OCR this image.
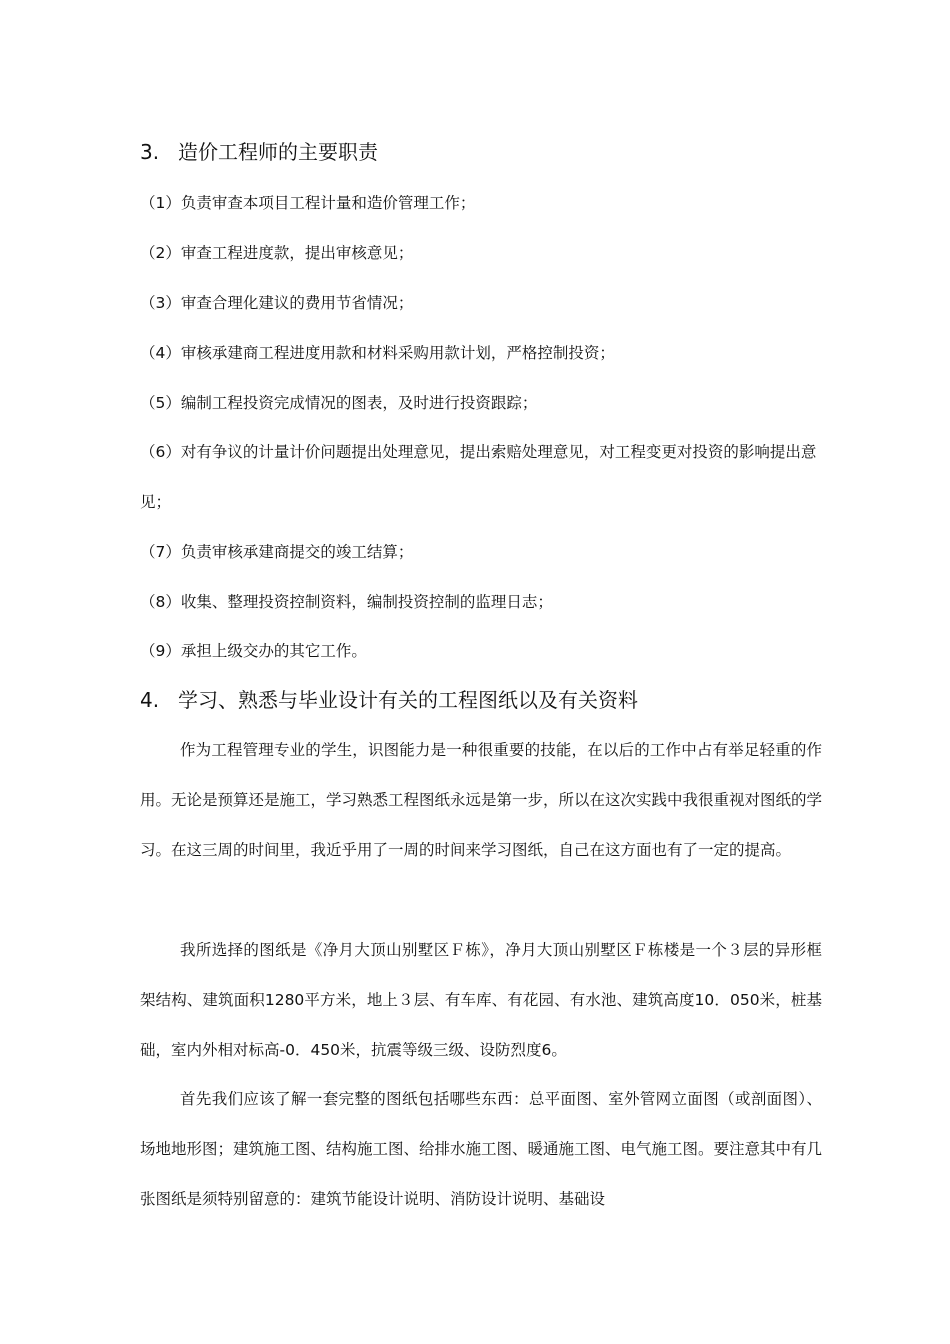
3. 造价工程师的主要职责

（1）负责审查本项目工程计量和造价管理工作；

（2）审查工程进度款，提出审核意见；

（3）审查合理化建议的费用节省情况；

（4）审核承建商工程进度用款和材料采购用款计划，严格控制投资；

（5）编制工程投资完成情况的图表，及时进行投资跟踪；

（6）对有争议的计量计价问题提出处理意见，提出索赔处理意见，对工程变更对投资的影响提出意见；

（7）负责审核承建商提交的竣工结算；

（8）收集、整理投资控制资料，编制投资控制的监理日志；

（9）承担上级交办的其它工作。

4. 学习、熟悉与毕业设计有关的工程图纸以及有关资料

作为工程管理专业的学生，识图能力是一种很重要的技能，在以后的工作中占有举足轻重的作用。无论是预算还是施工，学习熟悉工程图纸永远是第一步，所以在这次实践中我很重视对图纸的学习。在这三周的时间里，我近乎用了一周的时间来学习图纸，自己在这方面也有了一定的提高。

我所选择的图纸是《净月大顶山别墅区Ｆ栋》，净月大顶山别墅区Ｆ栋楼是一个３层的异形框架结构、建筑面积1280平方米，地上３层、有车库、有花园、有水池、建筑高度10．050米，桩基础，室内外相对标高-0．450米，抗震等级三级、设防烈度6。

首先我们应该了解一套完整的图纸包括哪些东西：总平面图、室外管网立面图（或剖面图）、场地地形图；建筑施工图、结构施工图、给排水施工图、暖通施工图、电气施工图。要注意其中有几张图纸是须特别留意的：建筑节能设计说明、消防设计说明、基础设
